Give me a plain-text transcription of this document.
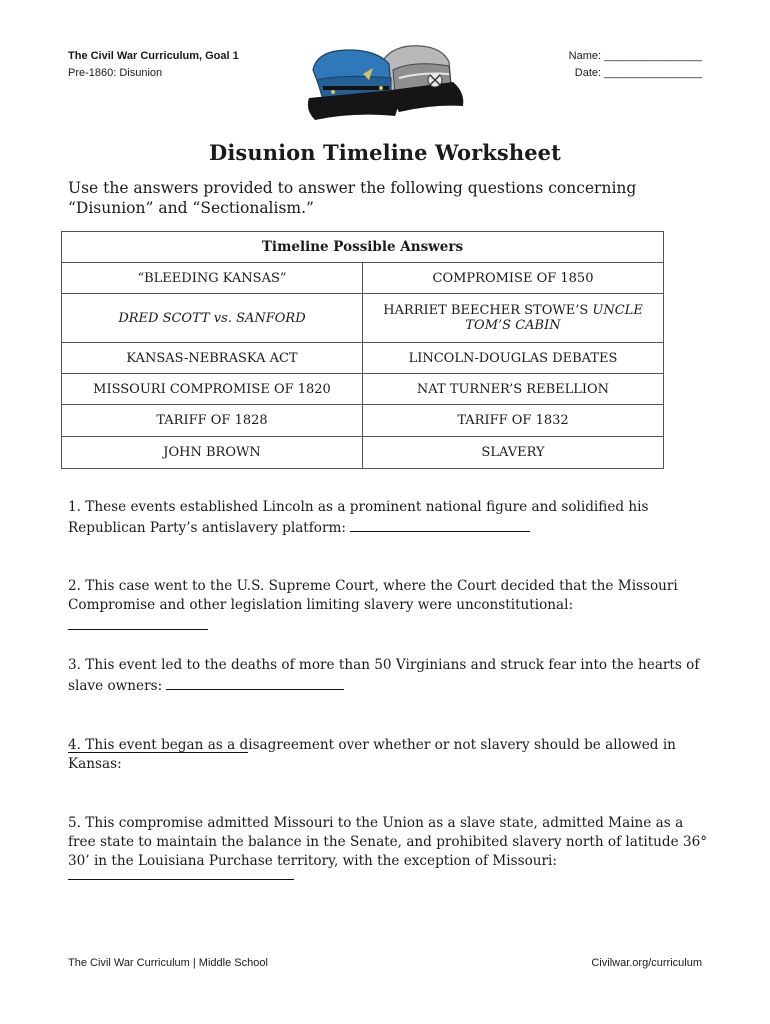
The Civil War Curriculum, Goal 1
Pre-1860: Disunion
Name: ________________
Date: ________________
Disunion Timeline Worksheet
Use the answers provided to answer the following questions concerning “Disunion” and “Sectionalism.”
Timeline Possible Answers	
“BLEEDING KANSAS”	COMPROMISE OF 1850
DRED SCOTT vs. SANFORD	HARRIET BEECHER STOWE’S UNCLE TOM’S CABIN
KANSAS-NEBRASKA ACT	LINCOLN-DOUGLAS DEBATES
MISSOURI COMPROMISE OF 1820	NAT TURNER’S REBELLION
TARIFF OF 1828	TARIFF OF 1832
JOHN BROWN	SLAVERY
1. These events established Lincoln as a prominent national figure and solidified his Republican Party’s antislavery platform:
2. This case went to the U.S. Supreme Court, where the Court decided that the Missouri Compromise and other legislation limiting slavery were unconstitutional:
3. This event led to the deaths of more than 50 Virginians and struck fear into the hearts of slave owners:
4. This event began as a disagreement over whether or not slavery should be allowed in Kansas:
5. This compromise admitted Missouri to the Union as a slave state, admitted Maine as a free state to maintain the balance in the Senate, and prohibited slavery north of latitude 36° 30’ in the Louisiana Purchase territory, with the exception of Missouri:
The Civil War Curriculum | Middle School	Civilwar.org/curriculum
